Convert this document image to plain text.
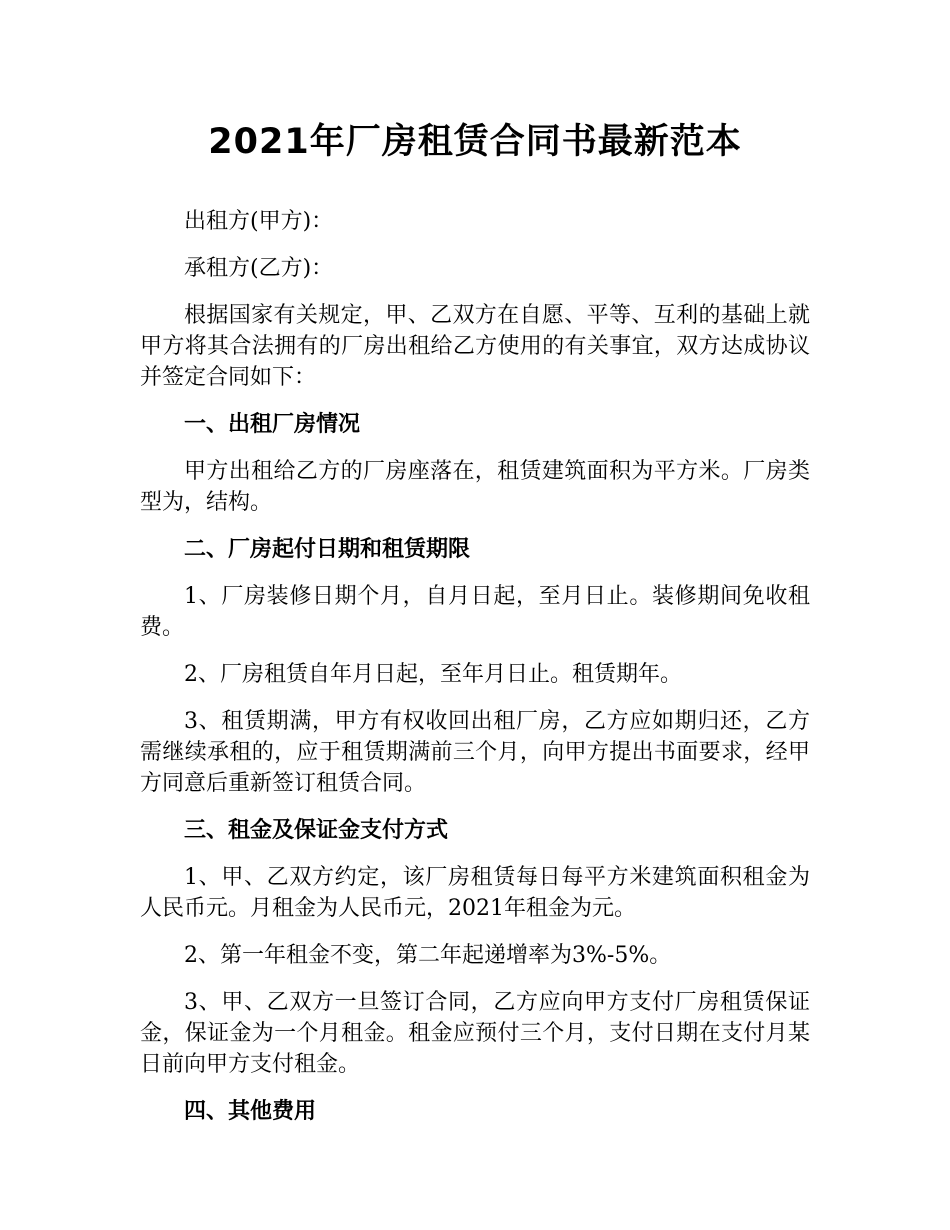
2021年厂房租赁合同书最新范本

出租方(甲方)：

承租方(乙方)：

根据国家有关规定，甲、乙双方在自愿、平等、互利的基础上就甲方将其合法拥有的厂房出租给乙方使用的有关事宜，双方达成协议并签定合同如下：

一、出租厂房情况

甲方出租给乙方的厂房座落在，租赁建筑面积为平方米。厂房类型为，结构。

二、厂房起付日期和租赁期限

1、厂房装修日期个月，自月日起，至月日止。装修期间免收租费。

2、厂房租赁自年月日起，至年月日止。租赁期年。

3、租赁期满，甲方有权收回出租厂房，乙方应如期归还，乙方需继续承租的，应于租赁期满前三个月，向甲方提出书面要求，经甲方同意后重新签订租赁合同。

三、租金及保证金支付方式

1、甲、乙双方约定，该厂房租赁每日每平方米建筑面积租金为人民币元。月租金为人民币元，2021年租金为元。

2、第一年租金不变，第二年起递增率为3%-5%。

3、甲、乙双方一旦签订合同，乙方应向甲方支付厂房租赁保证金，保证金为一个月租金。租金应预付三个月，支付日期在支付月某日前向甲方支付租金。

四、其他费用
